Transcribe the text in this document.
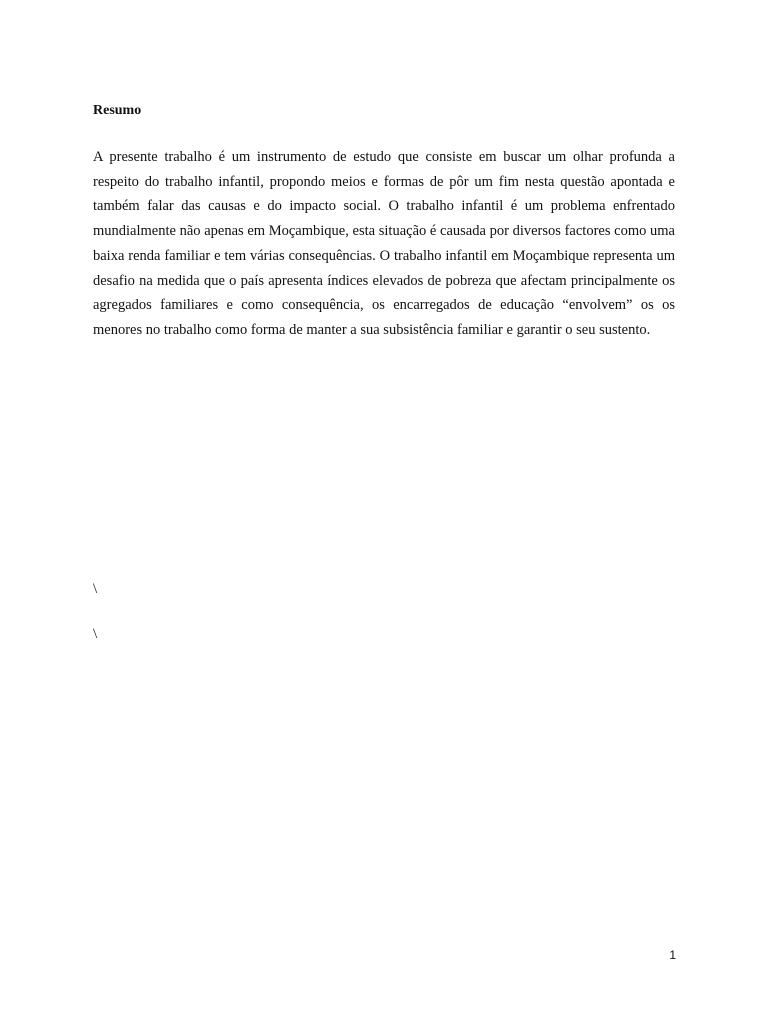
Resumo

A presente trabalho é um instrumento de estudo que consiste em buscar um olhar profunda a respeito do trabalho infantil, propondo meios e formas de pôr um fim nesta questão apontada e também falar das causas e do impacto social. O trabalho infantil é um problema enfrentado mundialmente não apenas em Moçambique, esta situação é causada por diversos factores como uma baixa renda familiar e tem várias consequências. O trabalho infantil em Moçambique representa um desafio na medida que o país apresenta índices elevados de pobreza que afectam principalmente os agregados familiares e como consequência, os encarregados de educação “envolvem” os os menores no trabalho como forma de manter a sua subsistência familiar e garantir o seu sustento.

\

\

1
